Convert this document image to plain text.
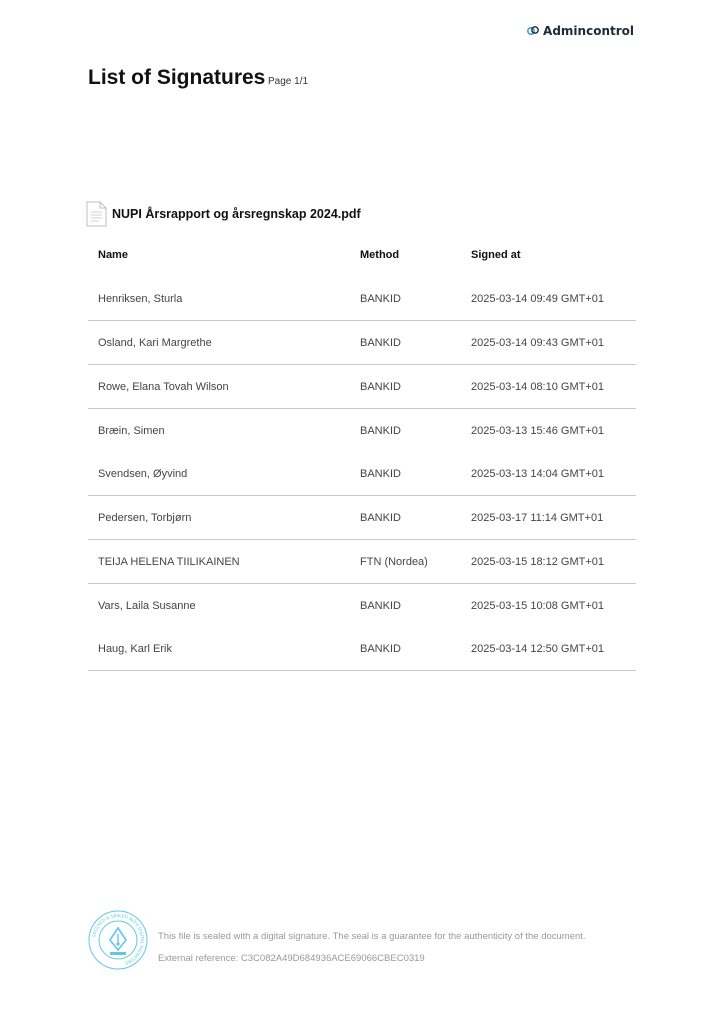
Admincontrol
List of Signatures Page 1/1
NUPI Årsrapport og årsregnskap 2024.pdf
Name	Method	Signed at
Henriksen, Sturla	BANKID	2025-03-14 09:49 GMT+01
Osland, Kari Margrethe	BANKID	2025-03-14 09:43 GMT+01
Rowe, Elana Tovah Wilson	BANKID	2025-03-14 08:10 GMT+01
Bræin, Simen	BANKID	2025-03-13 15:46 GMT+01
Svendsen, Øyvind	BANKID	2025-03-13 14:04 GMT+01
Pedersen, Torbjørn	BANKID	2025-03-17 11:14 GMT+01
TEIJA HELENA TIILIKAINEN	FTN (Nordea)	2025-03-15 18:12 GMT+01
Vars, Laila Susanne	BANKID	2025-03-15 10:08 GMT+01
Haug, Karl Erik	BANKID	2025-03-14 12:50 GMT+01
SECURED & SEALED WITH DIGITAL SIGNATURE
This file is sealed with a digital signature. The seal is a guarantee for the authenticity of the document.
External reference: C3C082A49D684936ACE69066CBEC0319
